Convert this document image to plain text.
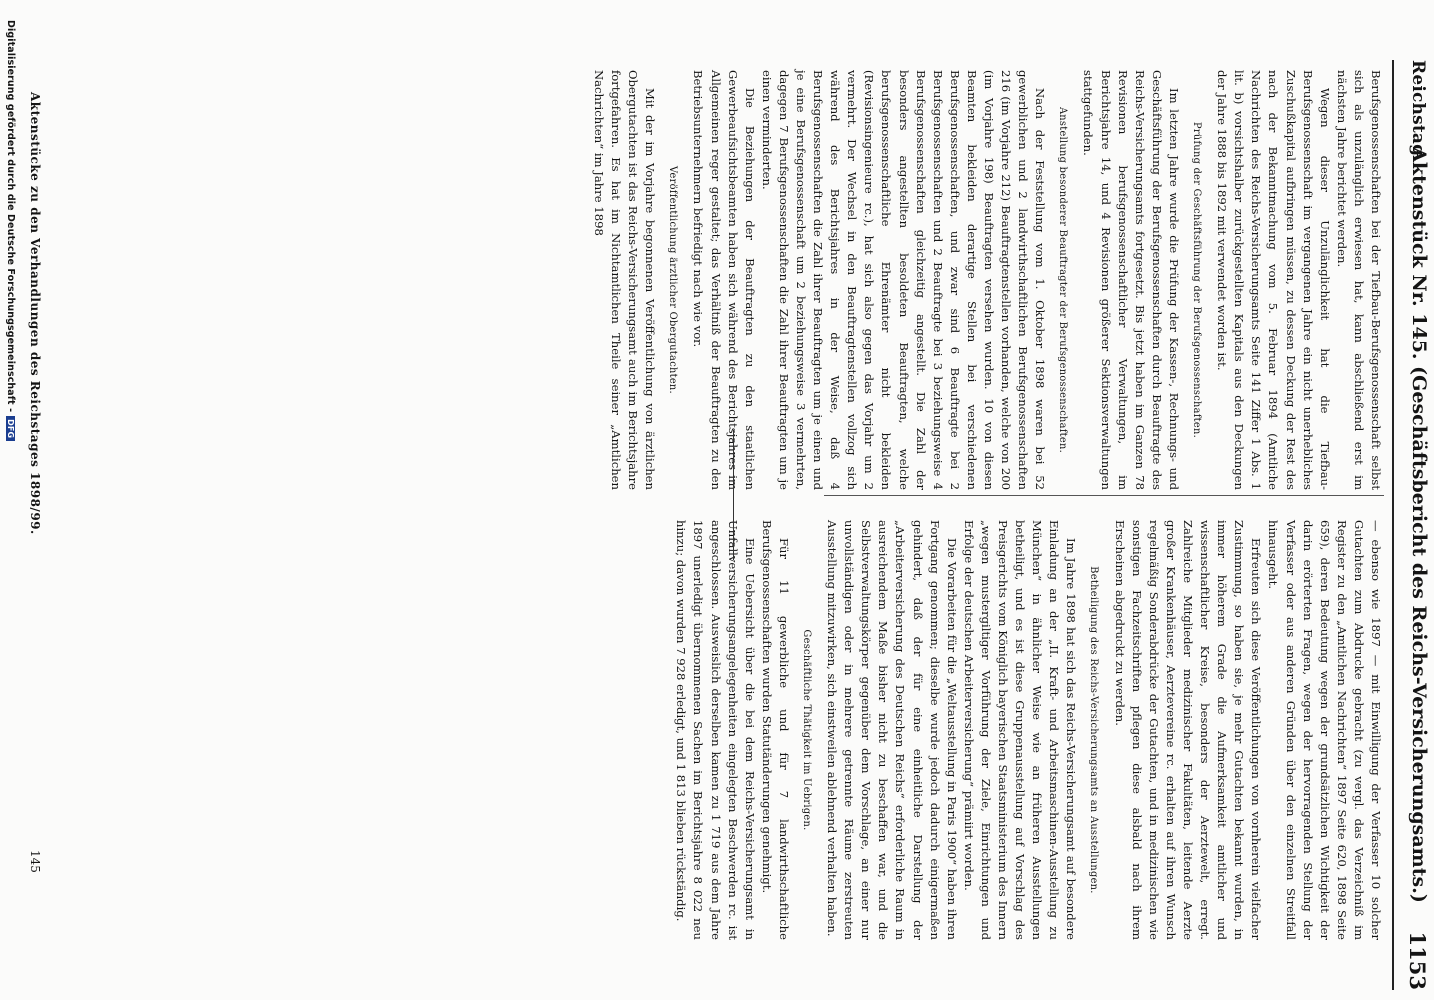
Reichstag.
Aktenstück Nr. 145. (Geschäftsbericht des Reichs-Versicherungsamts.)
1153

Berufsgenossenschaften bei der Tiefbau-Berufsgenossenschaft selbst sich als unzulänglich erwiesen hat, kann abschließend erst im nächsten Jahre berichtet werden.

Wegen dieser Unzulänglichkeit hat die Tiefbau-Berufsgenossenschaft im vergangenen Jahre ein nicht unerhebliches Zuschußkapital aufbringen müssen, zu dessen Deckung der Rest des nach der Bekanntmachung vom 5. Februar 1894 (Amtliche Nachrichten des Reichs-Versicherungsamts Seite 141 Ziffer 1 Abs. 1 lit. b) vorsichtshalber zurückgestellten Kapitals aus den Deckungen der Jahre 1888 bis 1892 mit verwendet worden ist.

Prüfung der Geschäftsführung der Berufsgenossenschaften.

Im letzten Jahre wurde die Prüfung der Kassen-, Rechnungs- und Geschäftsführung der Berufsgenossenschaften durch Beauftragte des Reichs-Versicherungsamts fortgesetzt. Bis jetzt haben im Ganzen 78 Revisionen berufsgenossenschaftlicher Verwaltungen, im Berichtsjahre 14, und 4 Revisionen größerer Sektionsverwaltungen stattgefunden.

Anstellung besonderer Beauftragter der Berufsgenossenschaften.

Nach der Feststellung vom 1. Oktober 1898 waren bei 52 gewerblichen und 2 landwirthschaftlichen Berufsgenossenschaften 216 (im Vorjahre 212) Beauftragtenstellen vorhanden, welche von 200 (im Vorjahre 198) Beauftragten versehen wurden. 10 von diesen Beamten bekleiden derartige Stellen bei verschiedenen Berufsgenossenschaften, und zwar sind 6 Beauftragte bei 2 Berufsgenossenschaften und 2 Beauftragte bei 3 beziehungsweise 4 Berufsgenossenschaften gleichzeitig angestellt. Die Zahl der besonders angestellten besoldeten Beauftragten, welche berufsgenossenschaftliche Ehrenämter nicht bekleiden (Revisionsingenieure rc.), hat sich also gegen das Vorjahr um 2 vermehrt. Der Wechsel in den Beauftragtenstellen vollzog sich während des Berichtsjahres in der Weise, daß 4 Berufsgenossenschaften die Zahl ihrer Beauftragten um je einen und je eine Berufsgenossenschaft um 2 beziehungsweise 3 vermehrten, dagegen 7 Berufsgenossenschaften die Zahl ihrer Beauftragten um je einen verminderten.

Die Beziehungen der Beauftragten zu den staatlichen Gewerbeaufsichtsbeamten haben sich während des Berichtsjahres im Allgemeinen reger gestaltet; das Verhältniß der Beauftragten zu den Betriebsunternehmern befriedigt nach wie vor.

Veröffentlichung ärztlicher Obergutachten.

Mit der im Vorjahre begonnenen Veröffentlichung von ärztlichen Obergutachten ist das Reichs-Versicherungsamt auch im Berichtsjahre fortgefahren. Es hat im Nichtamtlichen Theile seiner „Amtlichen Nachrichten“ im Jahre 1898

— ebenso wie 1897 — mit Einwilligung der Verfasser 10 solcher Gutachten zum Abdrucke gebracht (zu vergl. das Verzeichniß im Register zu den „Amtlichen Nachrichten“ 1897 Seite 620, 1898 Seite 659), deren Bedeutung wegen der grundsätzlichen Wichtigkeit der darin erörterten Fragen, wegen der hervorragenden Stellung der Verfasser oder aus anderen Gründen über den einzelnen Streitfall hinausgeht.

Erfreuten sich diese Veröffentlichungen von vornherein vielfacher Zustimmung, so haben sie, je mehr Gutachten bekannt wurden, in immer höherem Grade die Aufmerksamkeit amtlicher und wissenschaftlicher Kreise, besonders der Aerztewelt, erregt. Zahlreiche Mitglieder medizinischer Fakultäten, leitende Aerzte großer Krankenhäuser, Aerztevereine rc. erhalten auf ihren Wunsch regelmäßig Sonderabdrücke der Gutachten, und in medizinischen wie sonstigen Fachzeitschriften pflegen diese alsbald nach ihrem Erscheinen abgedruckt zu werden.

Betheiligung des Reichs-Versicherungsamts an Ausstellungen.

Im Jahre 1898 hat sich das Reichs-Versicherungsamt auf besondere Einladung an der „II. Kraft- und Arbeitsmaschinen-Ausstellung zu München“ in ähnlicher Weise wie an früheren Ausstellungen betheiligt, und es ist diese Gruppenausstellung auf Vorschlag des Preisgerichts vom Königlich bayerischen Staatsministerium des Innern „wegen mustergiltiger Vorführung der Ziele, Einrichtungen und Erfolge der deutschen Arbeiterversicherung“ prämiirt worden.

Die Vorarbeiten für die „Weltausstellung in Paris 1900“ haben ihren Fortgang genommen; dieselbe wurde jedoch dadurch einigermaßen gehindert, daß der für eine einheitliche Darstellung der „Arbeiterversicherung des Deutschen Reichs“ erforderliche Raum in ausreichendem Maße bisher nicht zu beschaffen war, und die Selbstverwaltungskörper gegenüber dem Vorschlage, an einer nur unvollständigen oder in mehrere getrennte Räume zerstreuten Ausstellung mitzuwirken, sich einstweilen ablehnend verhalten haben.

Geschäftliche Thätigkeit im Uebrigen.

Für 11 gewerbliche und für 7 landwirthschaftliche Berufsgenossenschaften wurden Statutänderungen genehmigt.

Eine Uebersicht über die bei dem Reichs-Versicherungsamt in Unfallversicherungsangelegenheiten eingelegten Beschwerden rc. ist angeschlossen. Ausweislich derselben kamen zu 1 719 aus dem Jahre 1897 unerledigt übernommenen Sachen im Berichtsjahre 8 022 neu hinzu; davon wurden 7 928 erledigt, und 1 813 blieben rückständig.

Aktenstücke zu den Verhandlungen des Reichstages 1898/99.
145
Digitalisierung gefördert durch die Deutsche Forschungsgemeinschaft -DFG
